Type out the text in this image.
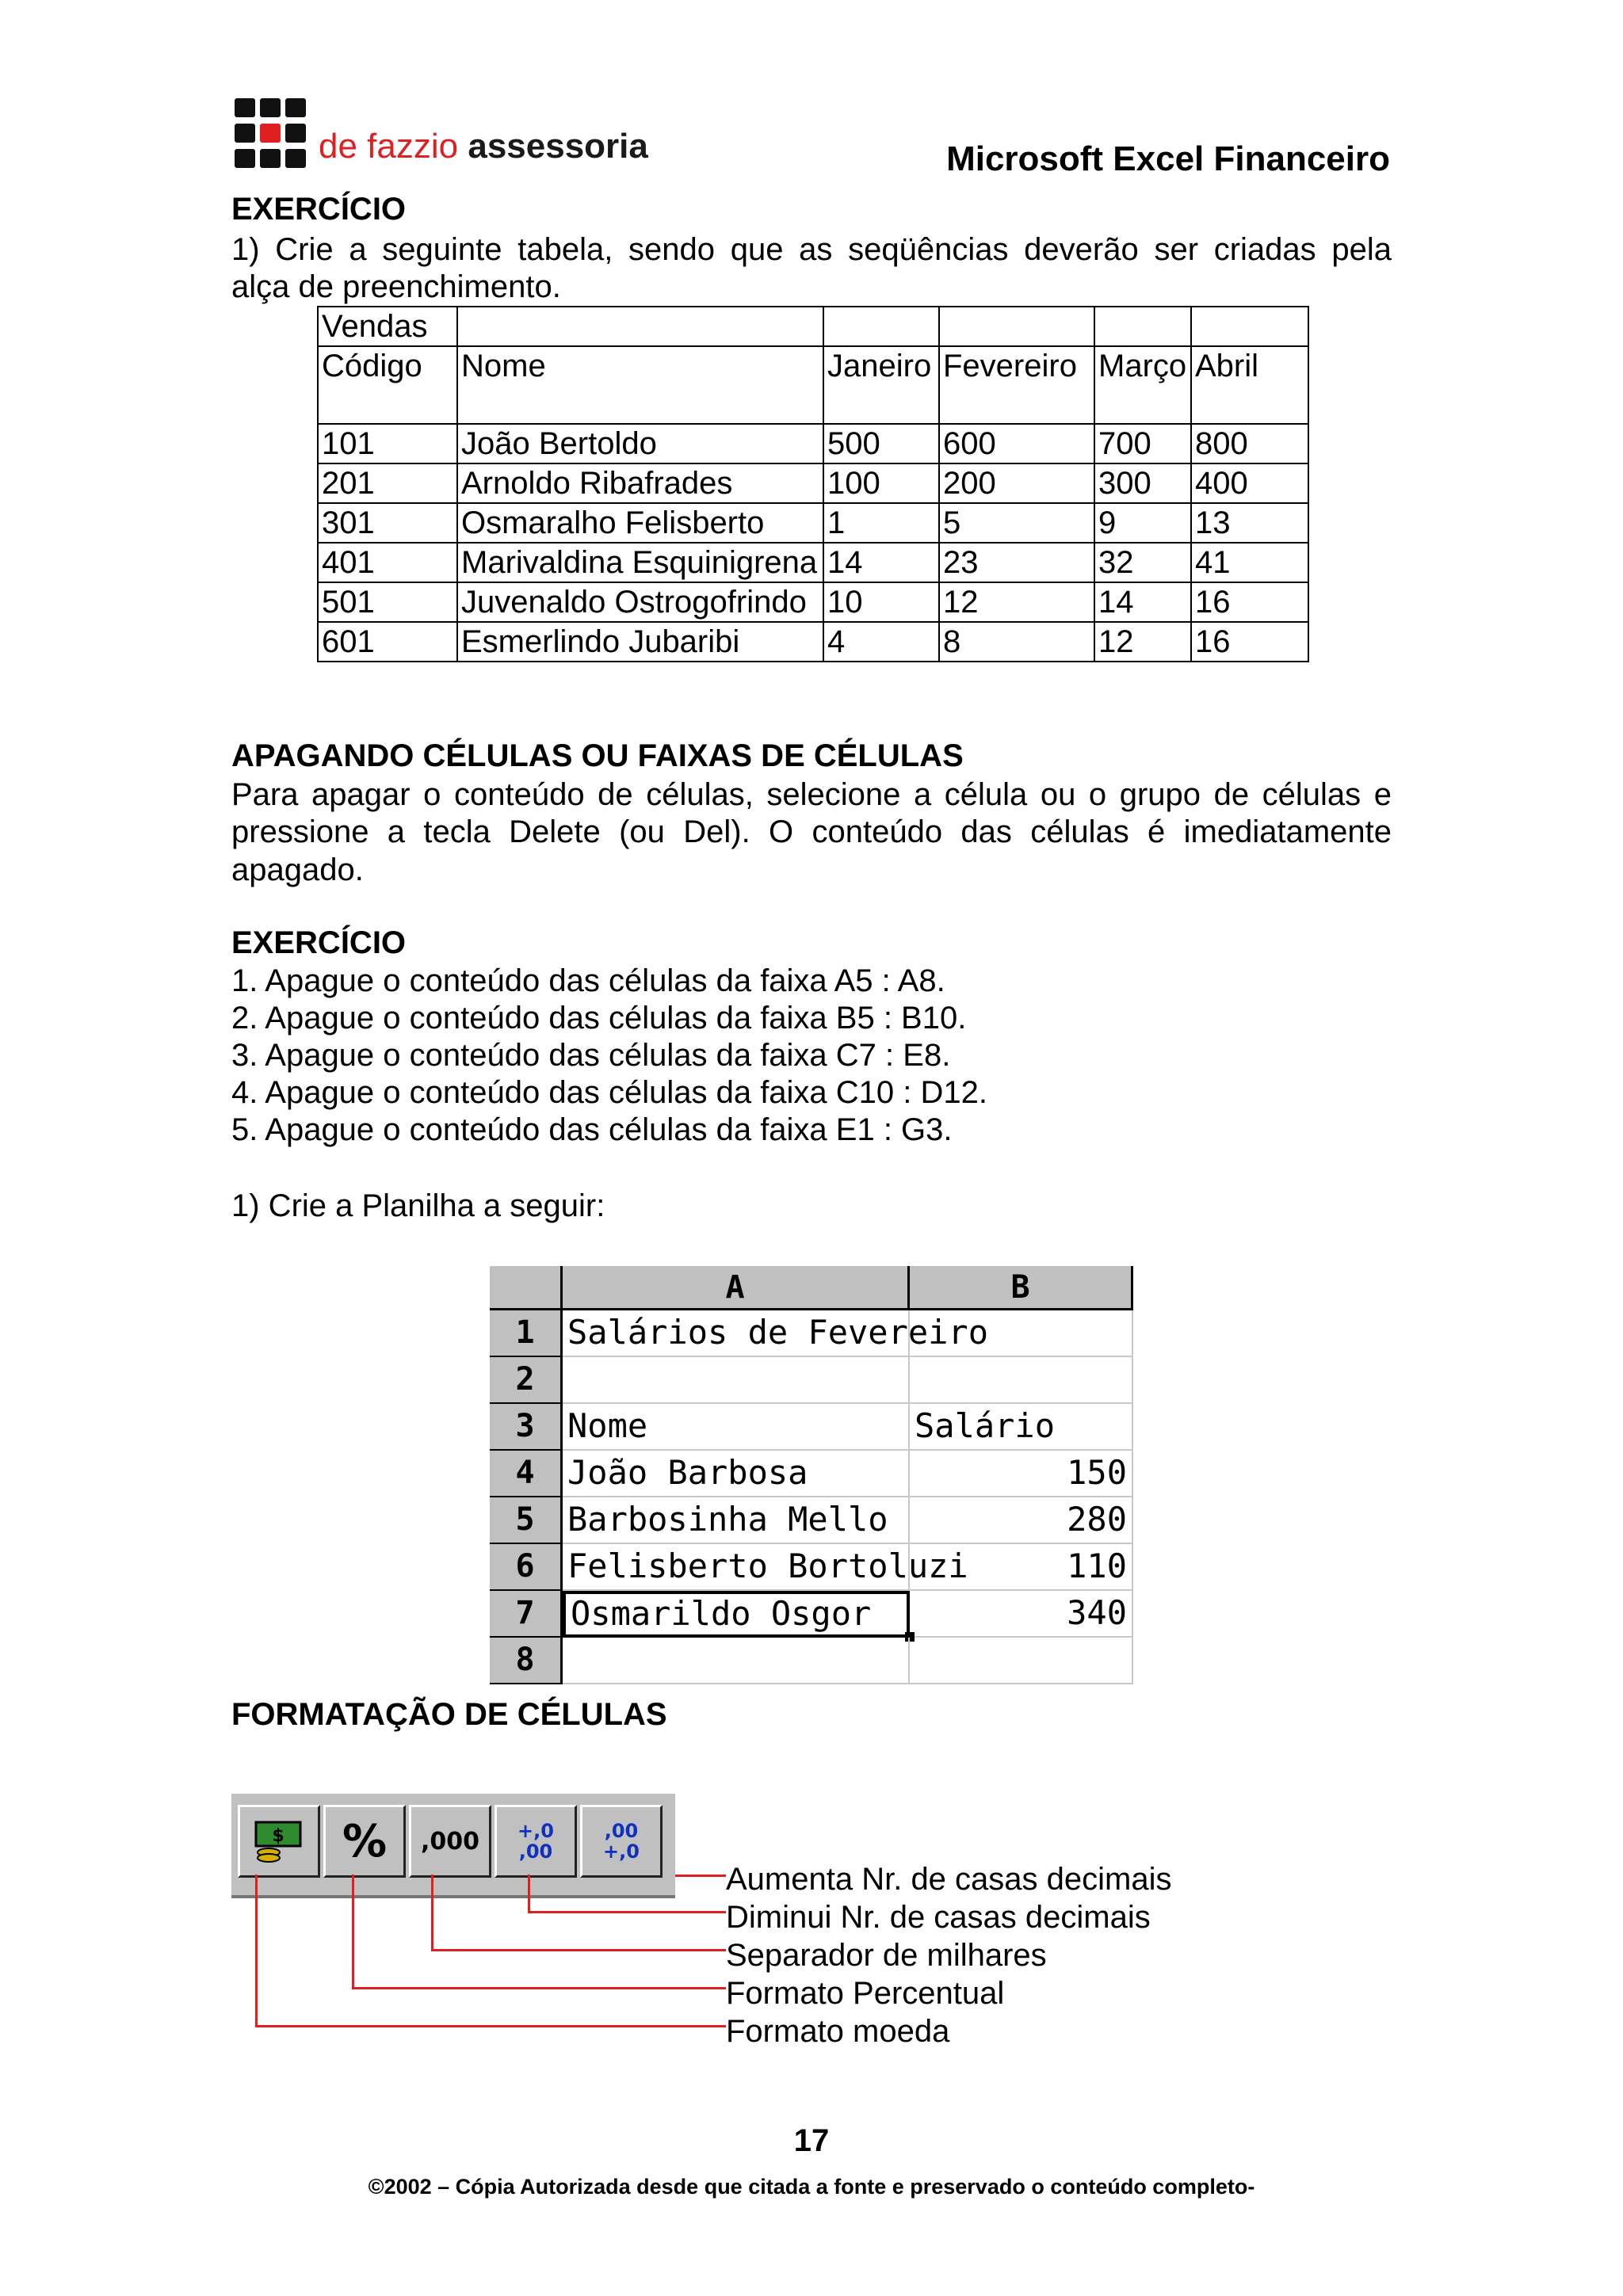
de fazzio assessoria	Microsoft Excel Financeiro
EXERCÍCIO
1) Crie a seguinte tabela, sendo que as seqüências deverão ser criadas pela
alça de preenchimento.
Vendas					
Código	Nome	Janeiro	Fevereiro	Março	Abril
101	João Bertoldo	500	600	700	800
201	Arnoldo Ribafrades	100	200	300	400
301	Osmaralho Felisberto	1	5	9	13
401	Marivaldina Esquinigrena	14	23	32	41
501	Juvenaldo Ostrogofrindo	10	12	14	16
601	Esmerlindo Jubaribi	4	8	12	16
APAGANDO CÉLULAS OU FAIXAS DE CÉLULAS
Para apagar o conteúdo de células, selecione a célula ou o grupo de células e
pressione a tecla Delete (ou Del). O conteúdo das células é imediatamente
apagado.
EXERCÍCIO
1. Apague o conteúdo das células da faixa A5 : A8.
2. Apague o conteúdo das células da faixa B5 : B10.
3. Apague o conteúdo das células da faixa C7 : E8.
4. Apague o conteúdo das células da faixa C10 : D12.
5. Apague o conteúdo das células da faixa E1 : G3.
1) Crie a Planilha a seguir:
A	B
1 Salários de Fevereiro
2
3 Nome	Salário
4 João Barbosa	150
5 Barbosinha Mello	280
6 Felisberto Bortoluzi	110
7	Osmarildo Osgor	340
8
FORMATAÇÃO DE CÉLULAS
$	%	,000	+,0 ,00
,00 +,0
Aumenta Nr. de casas decimais
Diminui Nr. de casas decimais
Separador de milhares
Formato Percentual
Formato moeda
17
©2002 – Cópia Autorizada desde que citada a fonte e preservado o conteúdo completo-
